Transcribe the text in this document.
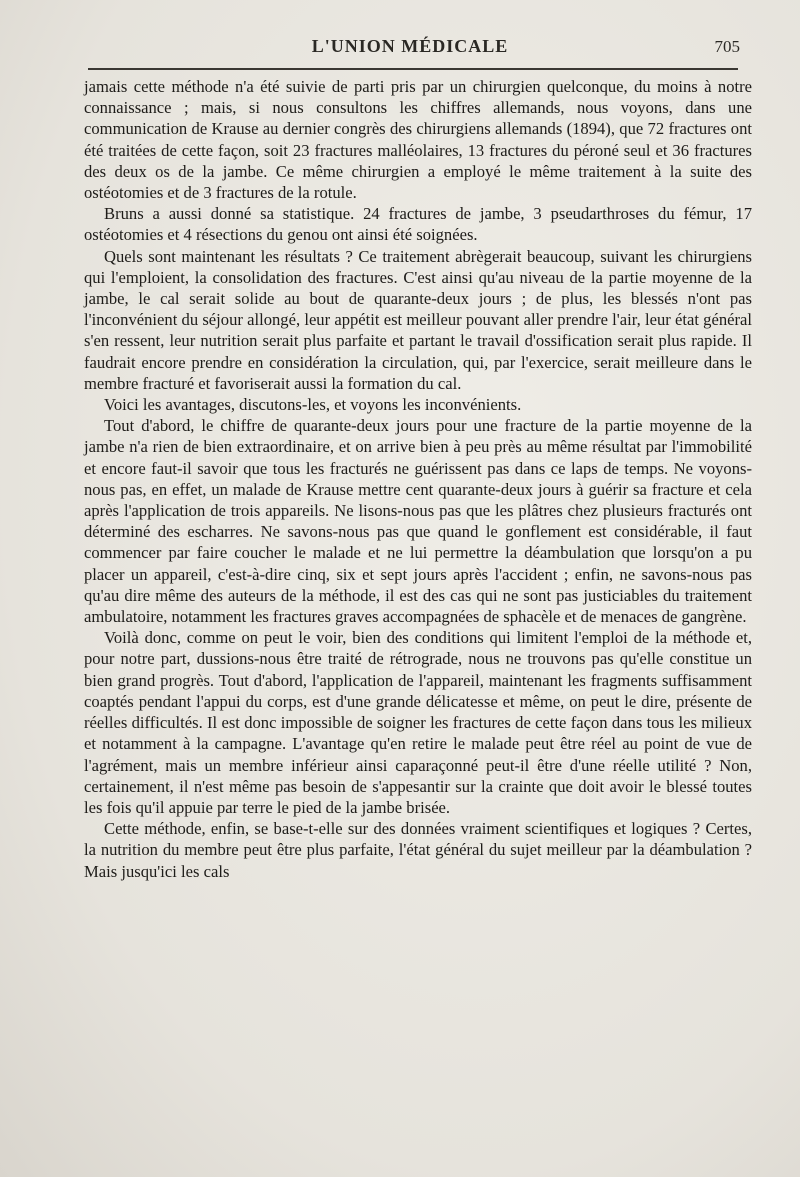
L'UNION MÉDICALE	705

jamais cette méthode n'a été suivie de parti pris par un chirurgien quelconque, du moins à notre connaissance ; mais, si nous consultons les chiffres allemands, nous voyons, dans une communication de Krause au dernier congrès des chirurgiens allemands (1894), que 72 fractures ont été traitées de cette façon, soit 23 fractures malléolaires, 13 fractures du péroné seul et 36 fractures des deux os de la jambe. Ce même chirurgien a employé le même traitement à la suite des ostéotomies et de 3 fractures de la rotule.

Bruns a aussi donné sa statistique. 24 fractures de jambe, 3 pseudarthroses du fémur, 17 ostéotomies et 4 résections du genou ont ainsi été soignées.

Quels sont maintenant les résultats ? Ce traitement abrègerait beaucoup, suivant les chirurgiens qui l'emploient, la consolidation des fractures. C'est ainsi qu'au niveau de la partie moyenne de la jambe, le cal serait solide au bout de quarante-deux jours ; de plus, les blessés n'ont pas l'inconvénient du séjour allongé, leur appétit est meilleur pouvant aller prendre l'air, leur état général s'en ressent, leur nutrition serait plus parfaite et partant le travail d'ossification serait plus rapide. Il faudrait encore prendre en considération la circulation, qui, par l'exercice, serait meilleure dans le membre fracturé et favoriserait aussi la formation du cal.

Voici les avantages, discutons-les, et voyons les inconvénients.

Tout d'abord, le chiffre de quarante-deux jours pour une fracture de la partie moyenne de la jambe n'a rien de bien extraordinaire, et on arrive bien à peu près au même résultat par l'immobilité et encore faut-il savoir que tous les fracturés ne guérissent pas dans ce laps de temps. Ne voyons-nous pas, en effet, un malade de Krause mettre cent quarante-deux jours à guérir sa fracture et cela après l'application de trois appareils. Ne lisons-nous pas que les plâtres chez plusieurs fracturés ont déterminé des escharres. Ne savons-nous pas que quand le gonflement est considérable, il faut commencer par faire coucher le malade et ne lui permettre la déambulation que lorsqu'on a pu placer un appareil, c'est-à-dire cinq, six et sept jours après l'accident ; enfin, ne savons-nous pas qu'au dire même des auteurs de la méthode, il est des cas qui ne sont pas justiciables du traitement ambulatoire, notamment les fractures graves accompagnées de sphacèle et de menaces de gangrène.

Voilà donc, comme on peut le voir, bien des conditions qui limitent l'emploi de la méthode et, pour notre part, dussions-nous être traité de rétrograde, nous ne trouvons pas qu'elle constitue un bien grand progrès. Tout d'abord, l'application de l'appareil, maintenant les fragments suffisamment coaptés pendant l'appui du corps, est d'une grande délicatesse et même, on peut le dire, présente de réelles difficultés. Il est donc impossible de soigner les fractures de cette façon dans tous les milieux et notamment à la campagne. L'avantage qu'en retire le malade peut être réel au point de vue de l'agrément, mais un membre inférieur ainsi caparaçonné peut-il être d'une réelle utilité ? Non, certainement, il n'est même pas besoin de s'appesantir sur la crainte que doit avoir le blessé toutes les fois qu'il appuie par terre le pied de la jambe brisée.

Cette méthode, enfin, se base-t-elle sur des données vraiment scientifiques et logiques ? Certes, la nutrition du membre peut être plus parfaite, l'état général du sujet meilleur par la déambulation ? Mais jusqu'ici les cals
